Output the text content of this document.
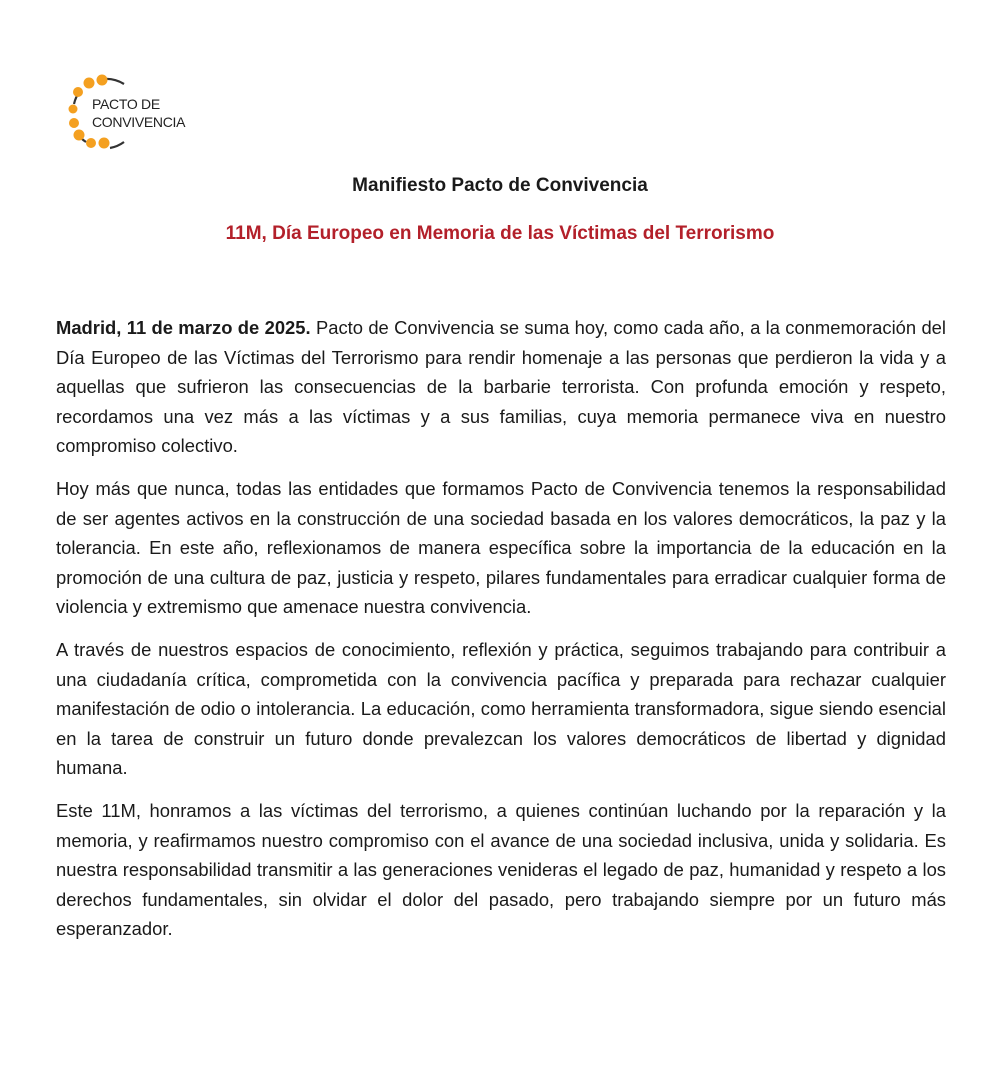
PACTO DE
CONVIVENCIA
Manifiesto Pacto de Convivencia
11M, Día Europeo en Memoria de las Víctimas del Terrorismo

Madrid, 11 de marzo de 2025. Pacto de Convivencia se suma hoy, como cada año, a la conmemoración del Día Europeo de las Víctimas del Terrorismo para rendir homenaje a las personas que perdieron la vida y a aquellas que sufrieron las consecuencias de la barbarie terrorista. Con profunda emoción y respeto, recordamos una vez más a las víctimas y a sus familias, cuya memoria permanece viva en nuestro compromiso colectivo.

Hoy más que nunca, todas las entidades que formamos Pacto de Convivencia tenemos la responsabilidad de ser agentes activos en la construcción de una sociedad basada en los valores democráticos, la paz y la tolerancia. En este año, reflexionamos de manera específica sobre la importancia de la educación en la promoción de una cultura de paz, justicia y respeto, pilares fundamentales para erradicar cualquier forma de violencia y extremismo que amenace nuestra convivencia.

A través de nuestros espacios de conocimiento, reflexión y práctica, seguimos trabajando para contribuir a una ciudadanía crítica, comprometida con la convivencia pacífica y preparada para rechazar cualquier manifestación de odio o intolerancia. La educación, como herramienta transformadora, sigue siendo esencial en la tarea de construir un futuro donde prevalezcan los valores democráticos de libertad y dignidad humana.

Este 11M, honramos a las víctimas del terrorismo, a quienes continúan luchando por la reparación y la memoria, y reafirmamos nuestro compromiso con el avance de una sociedad inclusiva, unida y solidaria. Es nuestra responsabilidad transmitir a las generaciones venideras el legado de paz, humanidad y respeto a los derechos fundamentales, sin olvidar el dolor del pasado, pero trabajando siempre por un futuro más esperanzador.
